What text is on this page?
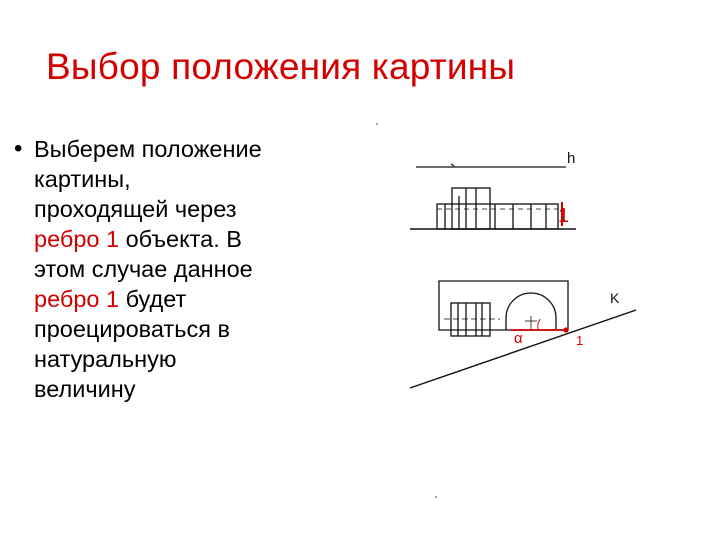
Выбор положения картины
• Выберем положение
картины,
проходящей через
ребро 1 объекта. В
этом случае данное
ребро 1 будет
проецироваться в
натуральную
величину
h
1
K
α	1
